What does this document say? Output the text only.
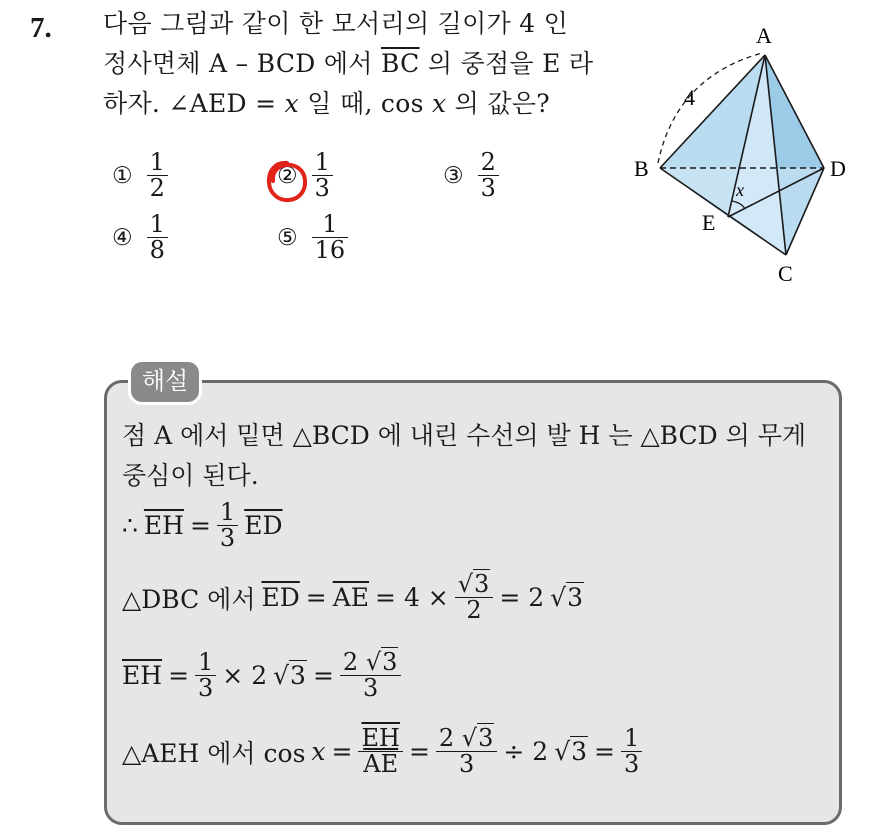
7. 다음 그림과 같이 한 모서리의 길이가 4 인
정사면체 A – BCD 에서 $\overline{BC}$ 의 중점을 E 라
하자. ∠AED = x 일 때, cos x 의 값은?
① $\frac{1}{2}$	② $\frac{1}{3}$	③ $\frac{2}{3}$
④ $\frac{1}{8}$	⑤ $\frac{1}{16}$
A
B
C
D
E
x
4
해설
점 A 에서 밑면 △BCD 에 내린 수선의 발 H 는 △BCD 의 무게
중심이 된다.
∴ $\overline{EH} = \frac{1}{3} \overline{ED}$
△DBC 에서 $\overline{ED} = \overline{AE} = 4 \times \frac{√3}{2} = 2$ √3
$\overline{EH} = \frac{1}{3} \times 2$ $√3 = \frac{2 √3}{3}$
△AEH 에서 $\cos x = \frac{\overline{EH}}{AE} = \frac{2 √3}{3} \div 2$ $√3 = \frac{1}{3}$
